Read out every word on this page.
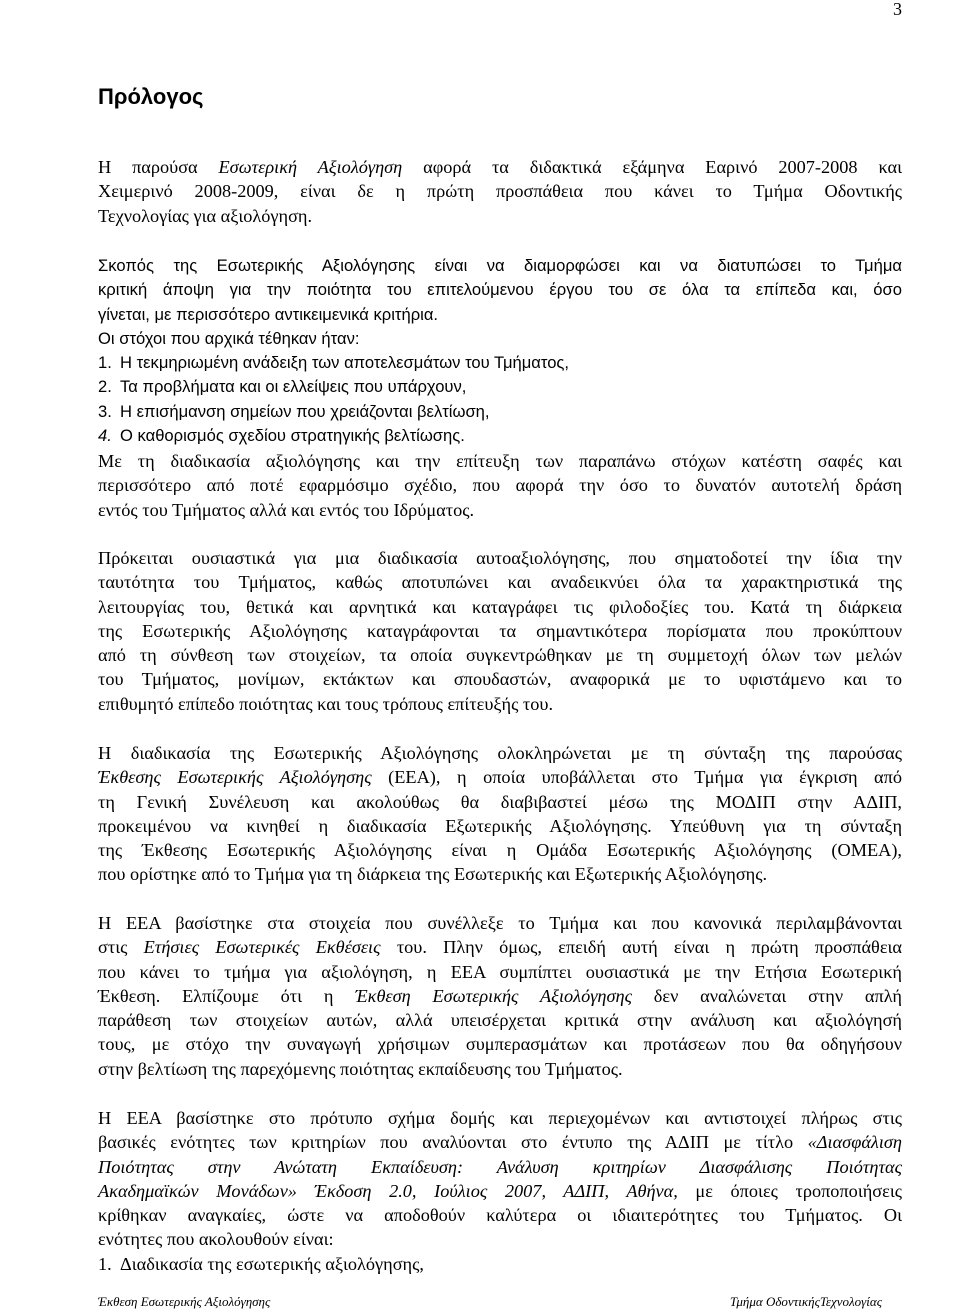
3
Πρόλογος

Η παρούσα Εσωτερική Αξιολόγηση αφορά τα διδακτικά εξάμηνα Εαρινό 2007-2008 και

Χειμερινό 2008-2009, είναι δε η πρώτη προσπάθεια που κάνει το Τμήμα Οδοντικής

Τεχνολογίας για αξιολόγηση.

Σκοπός της Εσωτερικής Αξιολόγησης είναι να διαμορφώσει και να διατυπώσει το Τμήμα

κριτική άποψη για την ποιότητα του επιτελούμενου έργου του σε όλα τα επίπεδα και, όσο

γίνεται, με περισσότερο αντικειμενικά κριτήρια.

Οι στόχοι που αρχικά τέθηκαν ήταν:

1. Η τεκμηριωμένη ανάδειξη των αποτελεσμάτων του Τμήματος,

2. Τα προβλήματα και οι ελλείψεις που υπάρχουν,

3. Η επισήμανση σημείων που χρειάζονται βελτίωση,

4. Ο καθορισμός σχεδίου στρατηγικής βελτίωσης.

Με τη διαδικασία αξιολόγησης και την επίτευξη των παραπάνω στόχων κατέστη σαφές και

περισσότερο από ποτέ εφαρμόσιμο σχέδιο, που αφορά την όσο το δυνατόν αυτοτελή δράση

εντός του Τμήματος αλλά και εντός του Ιδρύματος.

Πρόκειται ουσιαστικά για μια διαδικασία αυτοαξιολόγησης, που σηματοδοτεί την ίδια την

ταυτότητα του Τμήματος, καθώς αποτυπώνει και αναδεικνύει όλα τα χαρακτηριστικά της

λειτουργίας του, θετικά και αρνητικά και καταγράφει τις φιλοδοξίες του. Κατά τη διάρκεια

της Εσωτερικής Αξιολόγησης καταγράφονται τα σημαντικότερα πορίσματα που προκύπτουν

από τη σύνθεση των στοιχείων, τα οποία συγκεντρώθηκαν με τη συμμετοχή όλων των μελών

του Τμήματος, μονίμων, εκτάκτων και σπουδαστών, αναφορικά με το υφιστάμενο και το

επιθυμητό επίπεδο ποιότητας και τους τρόπους επίτευξής του.

Η διαδικασία της Εσωτερικής Αξιολόγησης ολοκληρώνεται με τη σύνταξη της παρούσας

Έκθεσης Εσωτερικής Αξιολόγησης (ΕΕΑ), η οποία υποβάλλεται στο Τμήμα για έγκριση από

τη Γενική Συνέλευση και ακολούθως θα διαβιβαστεί μέσω της ΜΟΔΙΠ στην ΑΔΙΠ,

προκειμένου να κινηθεί η διαδικασία Εξωτερικής Αξιολόγησης. Υπεύθυνη για τη σύνταξη

της Έκθεσης Εσωτερικής Αξιολόγησης είναι η Ομάδα Εσωτερικής Αξιολόγησης (ΟΜΕΑ),

που ορίστηκε από το Τμήμα για τη διάρκεια της Εσωτερικής και Εξωτερικής Αξιολόγησης.

Η ΕΕΑ βασίστηκε στα στοιχεία που συνέλλεξε το Τμήμα και που κανονικά περιλαμβάνονται

στις Ετήσιες Εσωτερικές Εκθέσεις του. Πλην όμως, επειδή αυτή είναι η πρώτη προσπάθεια

που κάνει το τμήμα για αξιολόγηση, η ΕΕΑ συμπίπτει ουσιαστικά με την Ετήσια Εσωτερική

Έκθεση. Ελπίζουμε ότι η Έκθεση Εσωτερικής Αξιολόγησης δεν αναλώνεται στην απλή

παράθεση των στοιχείων αυτών, αλλά υπεισέρχεται κριτικά στην ανάλυση και αξιολόγησή

τους, με στόχο την συναγωγή χρήσιμων συμπερασμάτων και προτάσεων που θα οδηγήσουν

στην βελτίωση της παρεχόμενης ποιότητας εκπαίδευσης του Τμήματος.

Η ΕΕΑ βασίστηκε στο πρότυπο σχήμα δομής και περιεχομένων και αντιστοιχεί πλήρως στις

βασικές ενότητες των κριτηρίων που αναλύονται στο έντυπο της ΑΔΙΠ με τίτλο «Διασφάλιση

Ποιότητας στην Ανώτατη Εκπαίδευση: Ανάλυση κριτηρίων Διασφάλισης Ποιότητας

Ακαδημαϊκών Μονάδων» Έκδοση 2.0, Ιούλιος 2007, ΑΔΙΠ, Αθήνα, με όποιες τροποποιήσεις

κρίθηκαν αναγκαίες, ώστε να αποδοθούν καλύτερα οι ιδιαιτερότητες του Τμήματος. Οι

ενότητες που ακολουθούν είναι:

1. Διαδικασία της εσωτερικής αξιολόγησης,

Έκθεση Εσωτερικής Αξιολόγησης	Τμήμα ΟδοντικήςΤεχνολογίας
